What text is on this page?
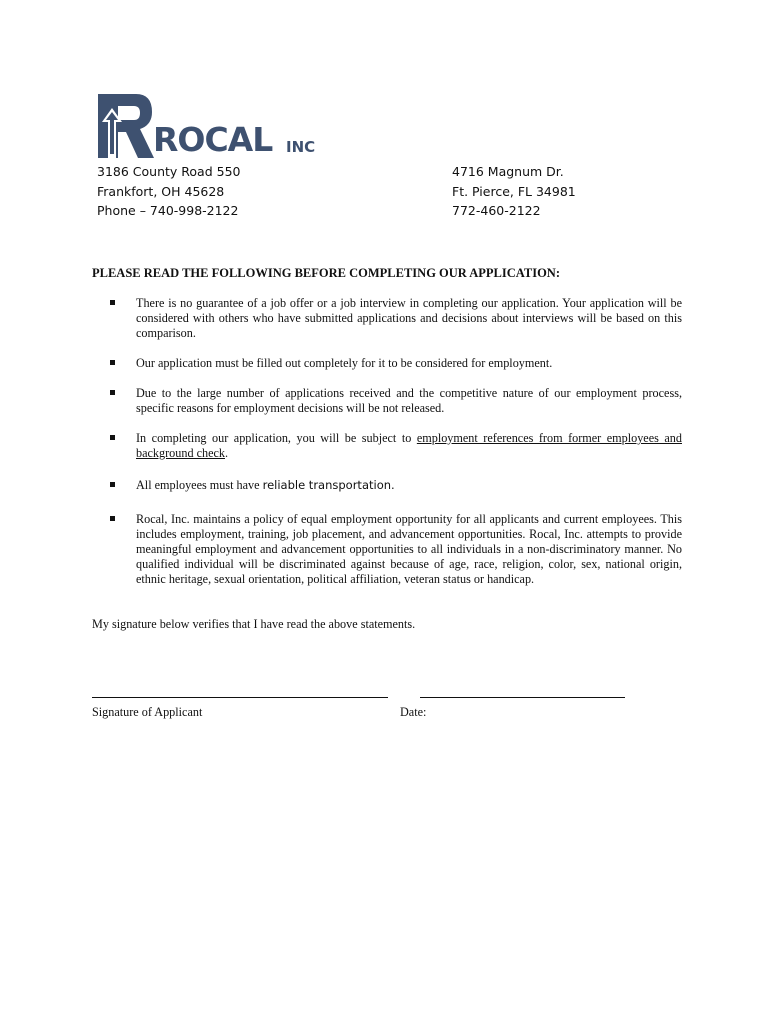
ROCAL INC
3186 County Road 550
Frankfort, OH 45628
Phone – 740-998-2122
4716 Magnum Dr.
Ft. Pierce, FL 34981
772-460-2122
PLEASE READ THE FOLLOWING BEFORE COMPLETING OUR APPLICATION:
There is no guarantee of a job offer or a job interview in completing our application. Your application will be considered with others who have submitted applications and decisions about interviews will be based on this comparison.
Our application must be filled out completely for it to be considered for employment.
Due to the large number of applications received and the competitive nature of our employment process, specific reasons for employment decisions will be not released.
In completing our application, you will be subject to employment references from former employees and background check.
All employees must have reliable transportation.
Rocal, Inc. maintains a policy of equal employment opportunity for all applicants and current employees. This includes employment, training, job placement, and advancement opportunities. Rocal, Inc. attempts to provide meaningful employment and advancement opportunities to all individuals in a non-discriminatory manner. No qualified individual will be discriminated against because of age, race, religion, color, sex, national origin, ethnic heritage, sexual orientation, political affiliation, veteran status or handicap.
My signature below verifies that I have read the above statements.
Signature of Applicant	Date:
